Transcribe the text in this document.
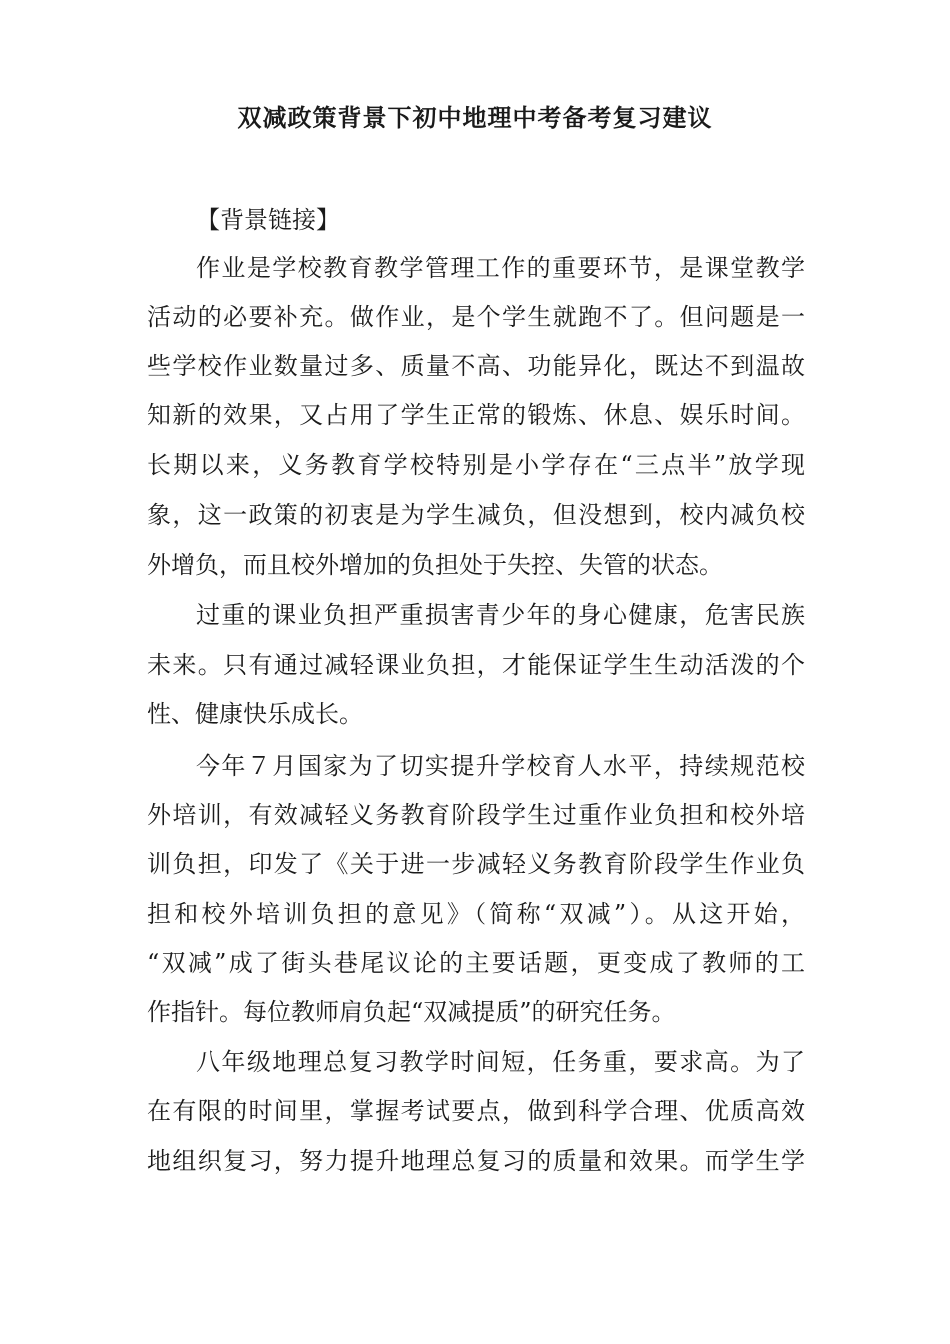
双减政策背景下初中地理中考备考复习建议
【背景链接】
作业是学校教育教学管理工作的重要环节，是课堂教学
活动的必要补充。做作业，是个学生就跑不了。但问题是一
些学校作业数量过多、质量不高、功能异化，既达不到温故
知新的效果，又占用了学生正常的锻炼、休息、娱乐时间。
长期以来，义务教育学校特别是小学存在“三点半”放学现
象，这一政策的初衷是为学生减负，但没想到，校内减负校
外增负，而且校外增加的负担处于失控、失管的状态。
过重的课业负担严重损害青少年的身心健康，危害民族
未来。只有通过减轻课业负担，才能保证学生生动活泼的个
性、健康快乐成长。
今年７月国家为了切实提升学校育人水平，持续规范校
外培训，有效减轻义务教育阶段学生过重作业负担和校外培
训负担，印发了《关于进一步减轻义务教育阶段学生作业负
担和校外培训负担的意见》（简称“双减”）。从这开始，
“双减”成了街头巷尾议论的主要话题，更变成了教师的工
作指针。每位教师肩负起“双减提质”的研究任务。
八年级地理总复习教学时间短，任务重，要求高。为了
在有限的时间里，掌握考试要点，做到科学合理、优质高效
地组织复习，努力提升地理总复习的质量和效果。而学生学
